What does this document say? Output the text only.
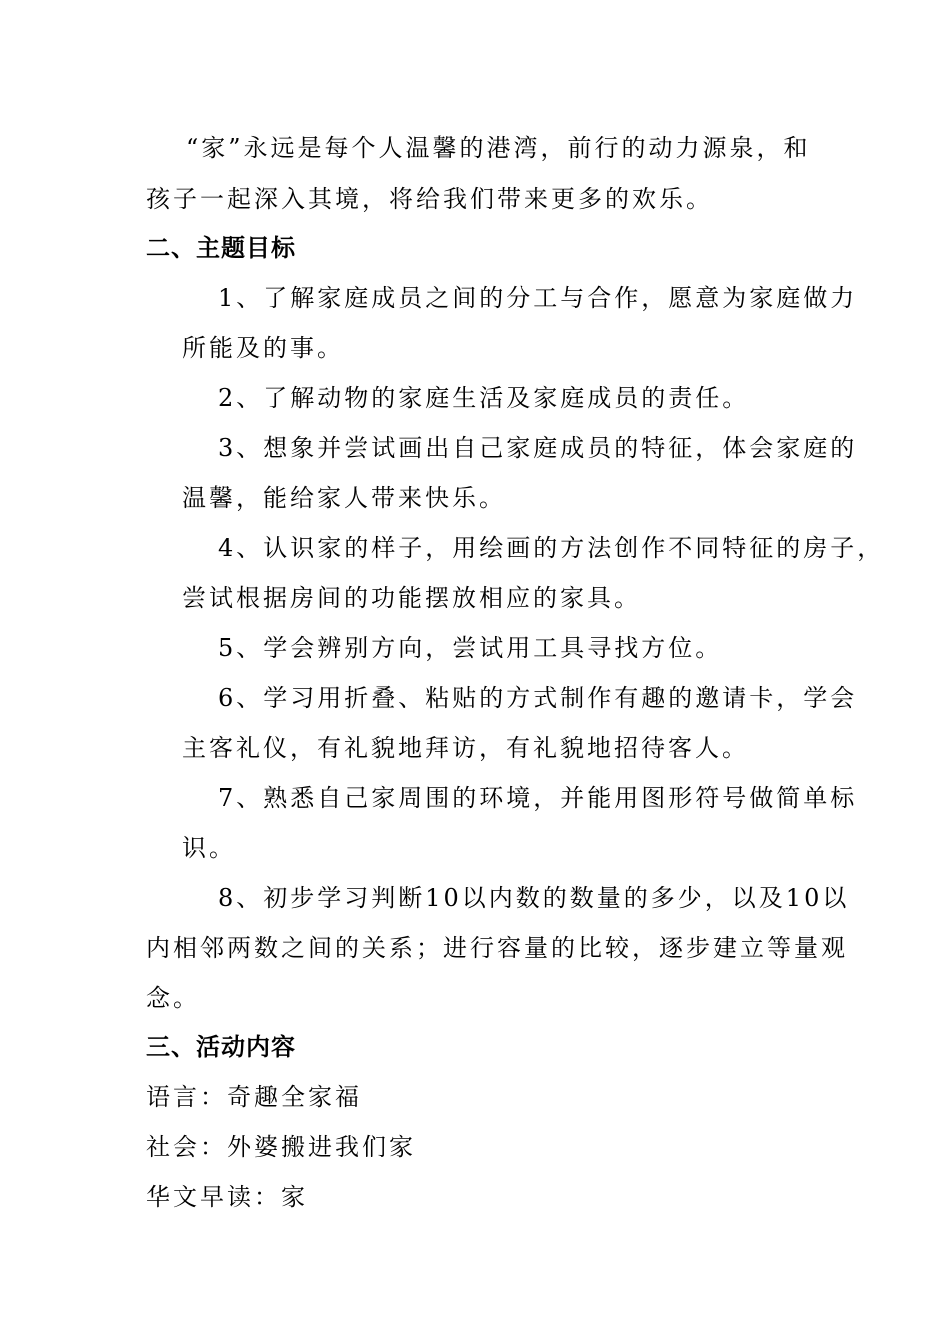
“家”永远是每个人温馨的港湾，前行的动力源泉，和
孩子一起深入其境，将给我们带来更多的欢乐。
二、主题目标
1、了解家庭成员之间的分工与合作，愿意为家庭做力
所能及的事。
2、了解动物的家庭生活及家庭成员的责任。
3、想象并尝试画出自己家庭成员的特征，体会家庭的
温馨，能给家人带来快乐。
4、认识家的样子，用绘画的方法创作不同特征的房子，
尝试根据房间的功能摆放相应的家具。
5、学会辨别方向，尝试用工具寻找方位。
6、学习用折叠、粘贴的方式制作有趣的邀请卡，学会
主客礼仪，有礼貌地拜访，有礼貌地招待客人。
7、熟悉自己家周围的环境，并能用图形符号做简单标
识。
8、初步学习判断10以内数的数量的多少，以及10以
内相邻两数之间的关系；进行容量的比较，逐步建立等量观
念。
三、活动内容
语言：奇趣全家福
社会：外婆搬进我们家
华文早读：家
